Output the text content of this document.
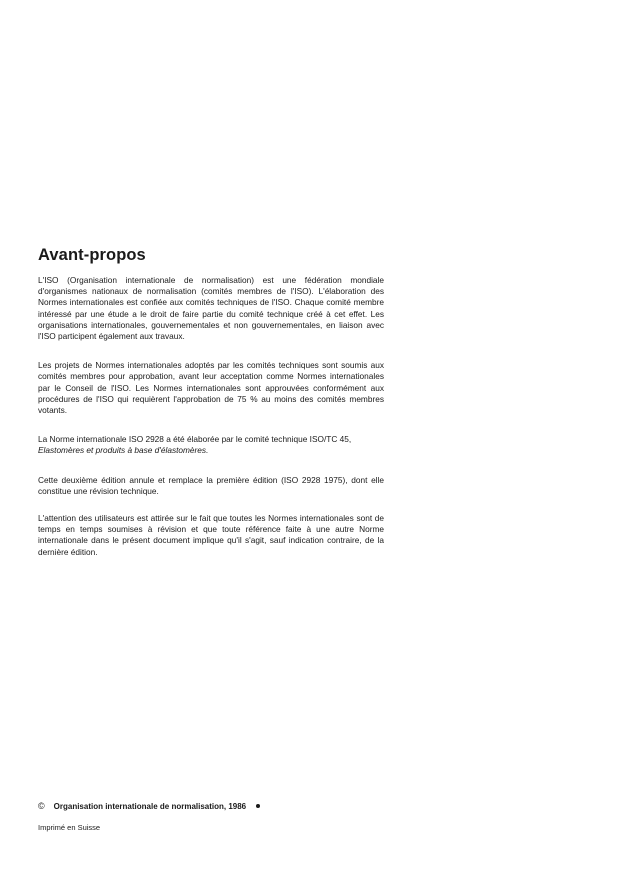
Avant-propos

L'ISO (Organisation internationale de normalisation) est une fédération mondiale d'organismes nationaux de normalisation (comités membres de l'ISO). L'élaboration des Normes internationales est confiée aux comités techniques de l'ISO. Chaque comité membre intéressé par une étude a le droit de faire partie du comité technique créé à cet effet. Les organisations internationales, gouvernementales et non gouvernementales, en liaison avec l'ISO participent également aux travaux.

Les projets de Normes internationales adoptés par les comités techniques sont soumis aux comités membres pour approbation, avant leur acceptation comme Normes internationales par le Conseil de l'ISO. Les Normes internationales sont approuvées conformément aux procédures de l'ISO qui requièrent l'approbation de 75 % au moins des comités membres votants.

La Norme internationale ISO 2928 a été élaborée par le comité technique ISO/TC 45,
Elastomères et produits à base d'élastomères.

Cette deuxième édition annule et remplace la première édition (ISO 2928 1975), dont elle constitue une révision technique.

L'attention des utilisateurs est attirée sur le fait que toutes les Normes internationales sont de temps en temps soumises à révision et que toute référence faite à une autre Norme internationale dans le présent document implique qu'il s'agit, sauf indication contraire, de la dernière édition.

© Organisation internationale de normalisation, 1986
Imprimé en Suisse
